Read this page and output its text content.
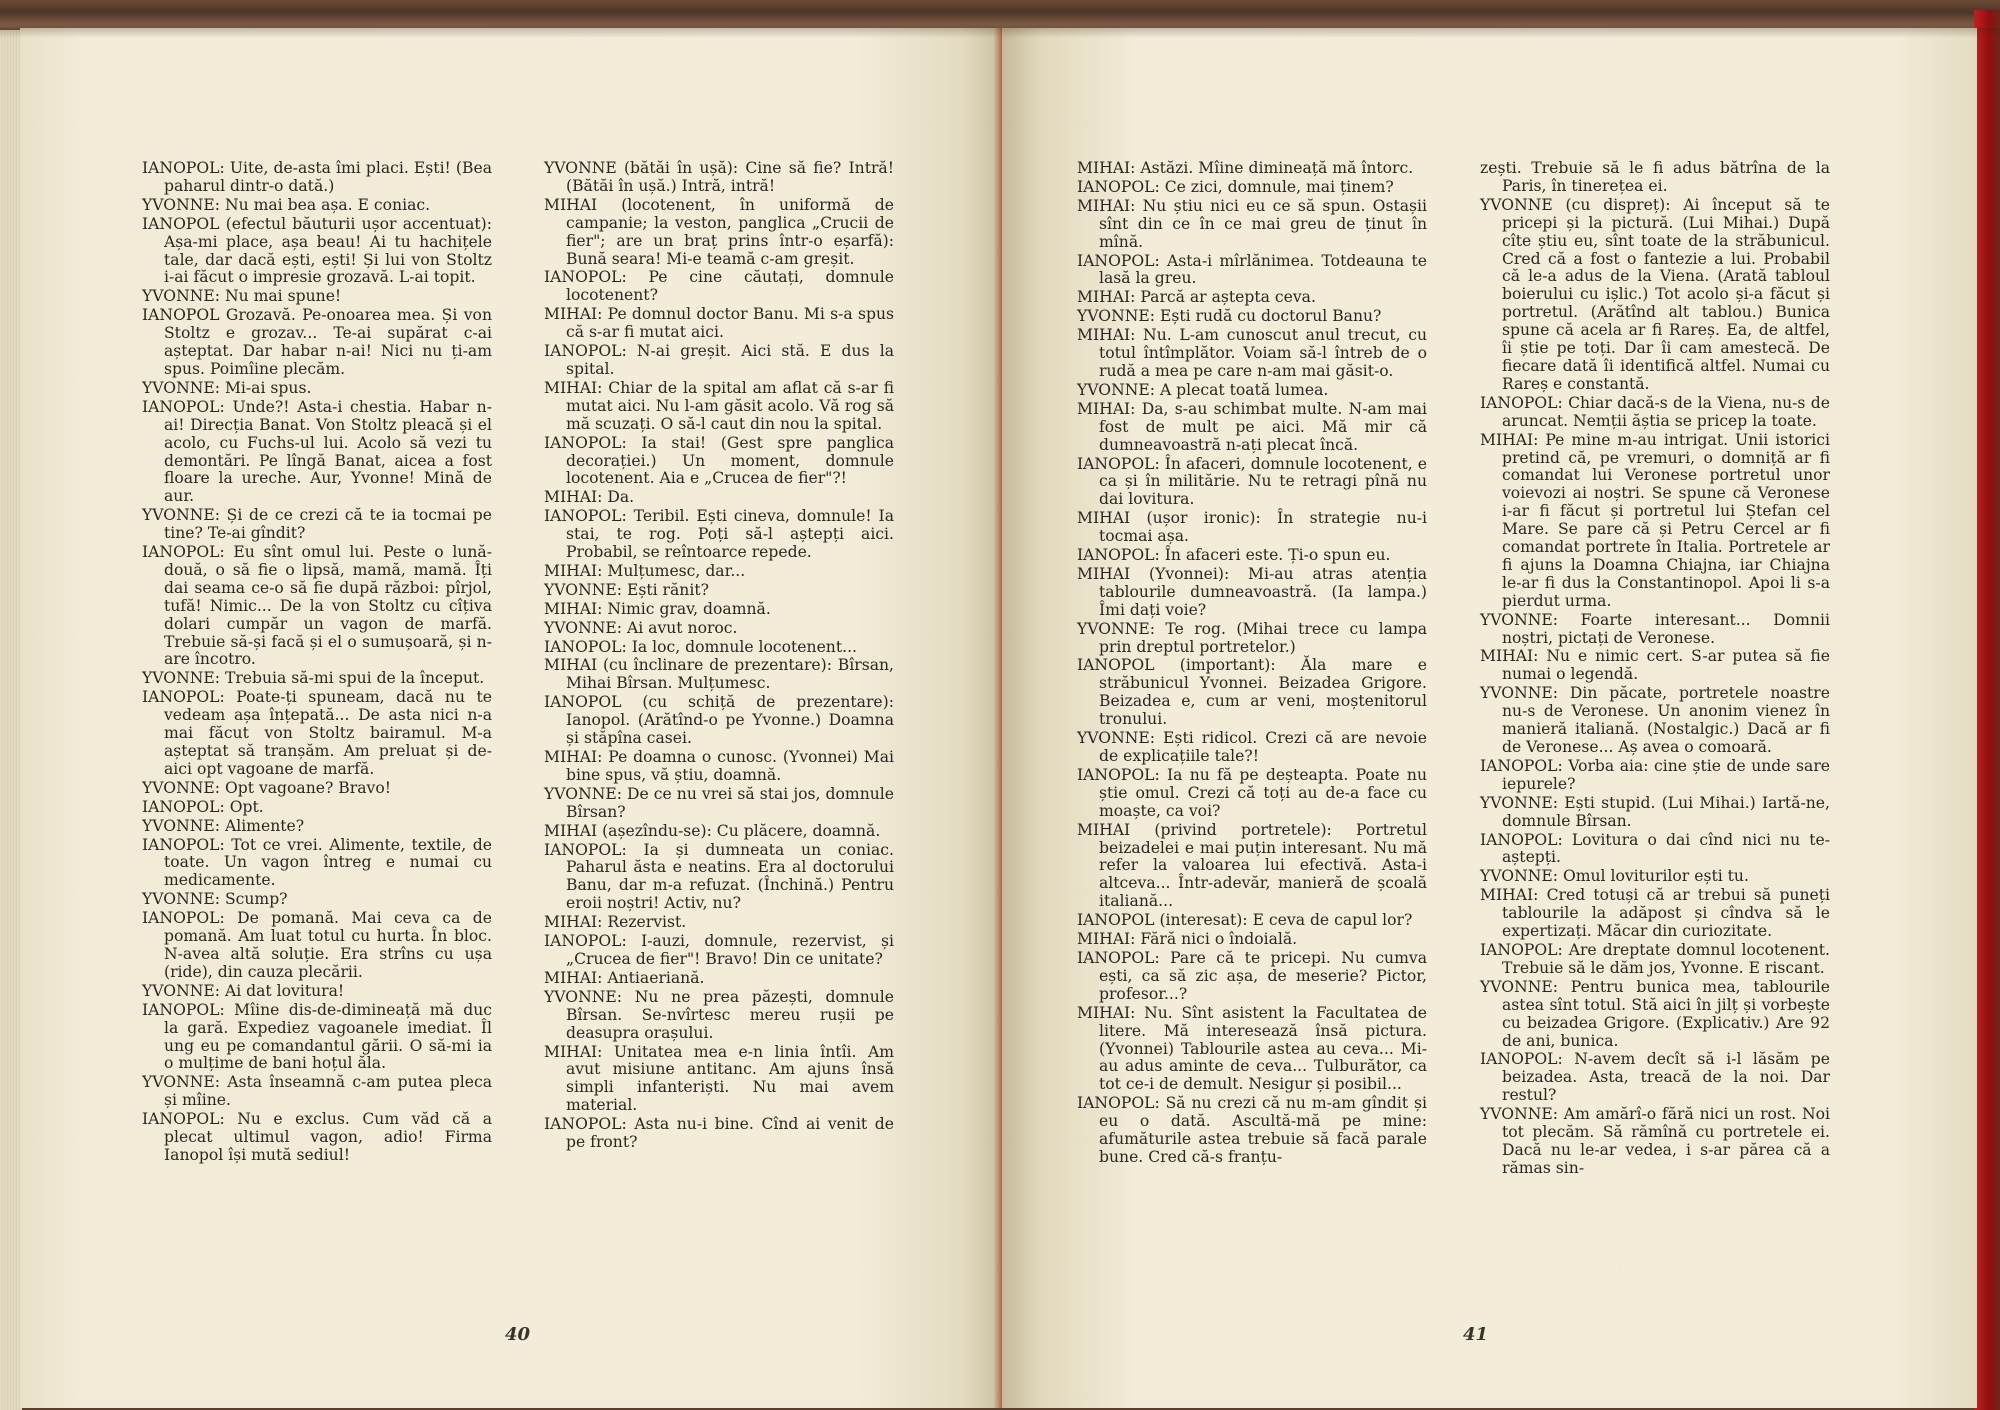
IANOPOL: Uite, de-asta îmi placi. Ești! (Bea paharul dintr-o dată.)

YVONNE: Nu mai bea așa. E coniac.

IANOPOL (efectul băuturii ușor accentuat): Așa-mi place, așa beau! Ai tu hachițele tale, dar dacă ești, ești! Și lui von Stoltz i-ai făcut o impresie grozavă. L-ai topit.

YVONNE: Nu mai spune!

IANOPOL Grozavă. Pe-onoarea mea. Și von Stoltz e grozav... Te-ai supărat c-ai așteptat. Dar habar n-ai! Nici nu ți-am spus. Poimîine plecăm.

YVONNE: Mi-ai spus.

IANOPOL: Unde?! Asta-i chestia. Habar n-ai! Direcția Banat. Von Stoltz pleacă și el acolo, cu Fuchs-ul lui. Acolo să vezi tu demontări. Pe lîngă Banat, aicea a fost floare la ureche. Aur, Yvonne! Mină de aur.

YVONNE: Și de ce crezi că te ia tocmai pe tine? Te-ai gîndit?

IANOPOL: Eu sînt omul lui. Peste o lună-două, o să fie o lipsă, mamă, mamă. Îți dai seama ce-o să fie după război: pîrjol, tufă! Nimic... De la von Stoltz cu cîțiva dolari cumpăr un vagon de marfă. Trebuie să-și facă și el o sumușoară, și n-are încotro.

YVONNE: Trebuia să-mi spui de la început.

IANOPOL: Poate-ți spuneam, dacă nu te vedeam așa înțepată... De asta nici n-a mai făcut von Stoltz bairamul. M-a așteptat să tranșăm. Am preluat și de-aici opt vagoane de marfă.

YVONNE: Opt vagoane? Bravo!

IANOPOL: Opt.

YVONNE: Alimente?

IANOPOL: Tot ce vrei. Alimente, textile, de toate. Un vagon întreg e numai cu medicamente.

YVONNE: Scump?

IANOPOL: De pomană. Mai ceva ca de pomană. Am luat totul cu hurta. În bloc. N-avea altă soluție. Era strîns cu ușa (ride), din cauza plecării.

YVONNE: Ai dat lovitura!

IANOPOL: Mîine dis-de-dimineață mă duc la gară. Expediez vagoanele imediat. Îl ung eu pe comandantul gării. O să-mi ia o mulțime de bani hoțul ăla.

YVONNE: Asta înseamnă c-am putea pleca și mîine.

IANOPOL: Nu e exclus. Cum văd că a plecat ultimul vagon, adio! Firma Ianopol își mută sediul!

YVONNE (bătăi în ușă): Cine să fie? Intră! (Bătăi în ușă.) Intră, intră!

MIHAI (locotenent, în uniformă de campanie; la veston, panglica „Crucii de fier"; are un braț prins într-o eșarfă): Bună seara! Mi-e teamă c-am greșit.

IANOPOL: Pe cine căutați, domnule locotenent?

MIHAI: Pe domnul doctor Banu. Mi s-a spus că s-ar fi mutat aici.

IANOPOL: N-ai greșit. Aici stă. E dus la spital.

MIHAI: Chiar de la spital am aflat că s-ar fi mutat aici. Nu l-am găsit acolo. Vă rog să mă scuzați. O să-l caut din nou la spital.

IANOPOL: Ia stai! (Gest spre panglica decorației.) Un moment, domnule locotenent. Aia e „Crucea de fier"?!

MIHAI: Da.

IANOPOL: Teribil. Ești cineva, domnule! Ia stai, te rog. Poți să-l aștepți aici. Probabil, se reîntoarce repede.

MIHAI: Mulțumesc, dar...

YVONNE: Ești rănit?

MIHAI: Nimic grav, doamnă.

YVONNE: Ai avut noroc.

IANOPOL: Ia loc, domnule locotenent...

MIHAI (cu înclinare de prezentare): Bîrsan, Mihai Bîrsan. Mulțumesc.

IANOPOL (cu schiță de prezentare): Ianopol. (Arătînd-o pe Yvonne.) Doamna și stăpîna casei.

MIHAI: Pe doamna o cunosc. (Yvonnei) Mai bine spus, vă știu, doamnă.

YVONNE: De ce nu vrei să stai jos, domnule Bîrsan?

MIHAI (așezîndu-se): Cu plăcere, doamnă.

IANOPOL: Ia și dumneata un coniac. Paharul ăsta e neatins. Era al doctorului Banu, dar m-a refuzat. (Închină.) Pentru eroii noștri! Activ, nu?

MIHAI: Rezervist.

IANOPOL: I-auzi, domnule, rezervist, și „Crucea de fier"! Bravo! Din ce unitate?

MIHAI: Antiaeriană.

YVONNE: Nu ne prea păzești, domnule Bîrsan. Se-nvîrtesc mereu rușii pe deasupra orașului.

MIHAI: Unitatea mea e-n linia întîi. Am avut misiune antitanc. Am ajuns însă simpli infanteriști. Nu mai avem material.

IANOPOL: Asta nu-i bine. Cînd ai venit de pe front?

40

MIHAI: Astăzi. Mîine dimineață mă întorc.

IANOPOL: Ce zici, domnule, mai ținem?

MIHAI: Nu știu nici eu ce să spun. Ostașii sînt din ce în ce mai greu de ținut în mînă.

IANOPOL: Asta-i mîrlănimea. Totdeauna te lasă la greu.

MIHAI: Parcă ar aștepta ceva.

YVONNE: Ești rudă cu doctorul Banu?

MIHAI: Nu. L-am cunoscut anul trecut, cu totul întîmplător. Voiam să-l întreb de o rudă a mea pe care n-am mai găsit-o.

YVONNE: A plecat toată lumea.

MIHAI: Da, s-au schimbat multe. N-am mai fost de mult pe aici. Mă mir că dumneavoastră n-ați plecat încă.

IANOPOL: În afaceri, domnule locotenent, e ca și în militărie. Nu te retragi pînă nu dai lovitura.

MIHAI (ușor ironic): În strategie nu-i tocmai așa.

IANOPOL: În afaceri este. Ți-o spun eu.

MIHAI (Yvonnei): Mi-au atras atenția tablourile dumneavoastră. (Ia lampa.) Îmi dați voie?

YVONNE: Te rog. (Mihai trece cu lampa prin dreptul portretelor.)

IANOPOL (important): Ăla mare e străbunicul Yvonnei. Beizadea Grigore. Beizadea e, cum ar veni, moștenitorul tronului.

YVONNE: Ești ridicol. Crezi că are nevoie de explicațiile tale?!

IANOPOL: Ia nu fă pe deșteapta. Poate nu știe omul. Crezi că toți au de-a face cu moaște, ca voi?

MIHAI (privind portretele): Portretul beizadelei e mai puțin interesant. Nu mă refer la valoarea lui efectivă. Asta-i altceva... Într-adevăr, manieră de școală italiană...

IANOPOL (interesat): E ceva de capul lor?

MIHAI: Fără nici o îndoială.

IANOPOL: Pare că te pricepi. Nu cumva ești, ca să zic așa, de meserie? Pictor, profesor...?

MIHAI: Nu. Sînt asistent la Facultatea de litere. Mă interesează însă pictura. (Yvonnei) Tablourile astea au ceva... Mi-au adus aminte de ceva... Tulburător, ca tot ce-i de demult. Nesigur și posibil...

IANOPOL: Să nu crezi că nu m-am gîndit și eu o dată. Ascultă-mă pe mine: afumăturile astea trebuie să facă parale bune. Cred că-s franțu-

zești. Trebuie să le fi adus bătrîna de la Paris, în tinerețea ei.

YVONNE (cu dispreț): Ai început să te pricepi și la pictură. (Lui Mihai.) După cîte știu eu, sînt toate de la străbunicul. Cred că a fost o fantezie a lui. Probabil că le-a adus de la Viena. (Arată tabloul boierului cu ișlic.) Tot acolo și-a făcut și portretul. (Arătînd alt tablou.) Bunica spune că acela ar fi Rareș. Ea, de altfel, îi știe pe toți. Dar îi cam amestecă. De fiecare dată îi identifică altfel. Numai cu Rareș e constantă.

IANOPOL: Chiar dacă-s de la Viena, nu-s de aruncat. Nemții ăștia se pricep la toate.

MIHAI: Pe mine m-au intrigat. Unii istorici pretind că, pe vremuri, o domniță ar fi comandat lui Veronese portretul unor voievozi ai noștri. Se spune că Veronese i-ar fi făcut și portretul lui Ștefan cel Mare. Se pare că și Petru Cercel ar fi comandat portrete în Italia. Portretele ar fi ajuns la Doamna Chiajna, iar Chiajna le-ar fi dus la Constantinopol. Apoi li s-a pierdut urma.

YVONNE: Foarte interesant... Domnii noștri, pictați de Veronese.

MIHAI: Nu e nimic cert. S-ar putea să fie numai o legendă.

YVONNE: Din păcate, portretele noastre nu-s de Veronese. Un anonim vienez în manieră italiană. (Nostalgic.) Dacă ar fi de Veronese... Aș avea o comoară.

IANOPOL: Vorba aia: cine știe de unde sare iepurele?

YVONNE: Ești stupid. (Lui Mihai.) Iartă-ne, domnule Bîrsan.

IANOPOL: Lovitura o dai cînd nici nu te-aștepți.

YVONNE: Omul loviturilor ești tu.

MIHAI: Cred totuși că ar trebui să puneți tablourile la adăpost și cîndva să le expertizați. Măcar din curiozitate.

IANOPOL: Are dreptate domnul locotenent. Trebuie să le dăm jos, Yvonne. E riscant.

YVONNE: Pentru bunica mea, tablourile astea sînt totul. Stă aici în jilț și vorbește cu beizadea Grigore. (Explicativ.) Are 92 de ani, bunica.

IANOPOL: N-avem decît să i-l lăsăm pe beizadea. Asta, treacă de la noi. Dar restul?

YVONNE: Am amărî-o fără nici un rost. Noi tot plecăm. Să rămînă cu portretele ei. Dacă nu le-ar vedea, i s-ar părea că a rămas sin-

41
